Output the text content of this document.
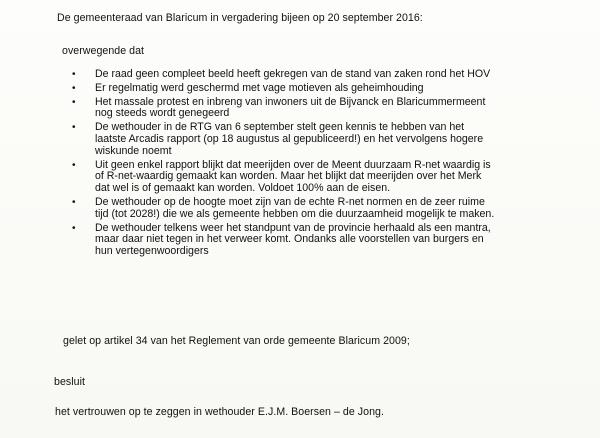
De gemeenteraad van Blaricum in vergadering bijeen op 20 september 2016:
overwegende dat
• De raad geen compleet beeld heeft gekregen van de stand van zaken rond het HOV
• Er regelmatig werd geschermd met vage motieven als geheimhouding
• Het massale protest en inbreng van inwoners uit de Bijvanck en Blaricummermeent
nog steeds wordt genegeerd
• De wethouder in de RTG van 6 september stelt geen kennis te hebben van het
laatste Arcadis rapport (op 18 augustus al gepubliceerd!) en het vervolgens hogere
wiskunde noemt
• Uit geen enkel rapport blijkt dat meerijden over de Meent duurzaam R-net waardig is
of R-net-waardig gemaakt kan worden. Maar het blijkt dat meerijden over het Merk
dat wel is of gemaakt kan worden. Voldoet 100% aan de eisen.
• De wethouder op de hoogte moet zijn van de echte R-net normen en de zeer ruime
tijd (tot 2028!) die we als gemeente hebben om die duurzaamheid mogelijk te maken.
• De wethouder telkens weer het standpunt van de provincie herhaald als een mantra,
maar daar niet tegen in het verweer komt. Ondanks alle voorstellen van burgers en
hun vertegenwoordigers
gelet op artikel 34 van het Reglement van orde gemeente Blaricum 2009;
besluit
het vertrouwen op te zeggen in wethouder E.J.M. Boersen – de Jong.
